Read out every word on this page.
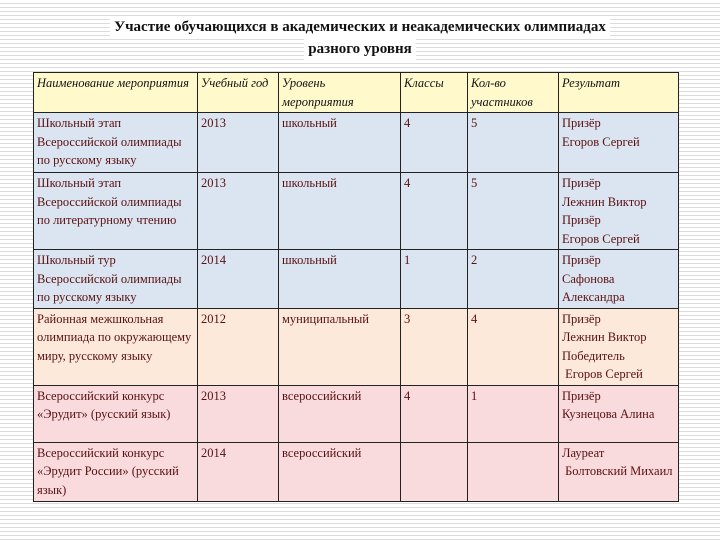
Участие обучающихся в академических и неакадемических олимпиадах
разного уровня
Наименование мероприятия	Учебный год	Уровень мероприятия	Классы	Кол-во участников	Результат
Школьный этап Всероссийской олимпиады по русскому языку	2013	школьный	4	5	Призёр
Егоров Сергей

Школьный этап Всероссийской олимпиады по литературному чтению	2013	школьный	4	5	Призёр
Лежнин Виктор
Призёр
Егоров Сергей

Школьный тур Всероссийской олимпиады по русскому языку	2014	школьный	1	2	Призёр
Сафонова
Александра

Районная межшкольная олимпиада по окружающему миру, русскому языку	2012	муниципальный	3	4	Призёр
Лежнин Виктор
Победитель
Егоров Сергей

Всероссийский конкурс «Эрудит» (русский язык)	2013	всероссийский	4	1	Призёр
Кузнецова Алина

Всероссийский конкурс «Эрудит России» (русский язык)	2014	всероссийский			Лауреат
Болтовский Михаил
